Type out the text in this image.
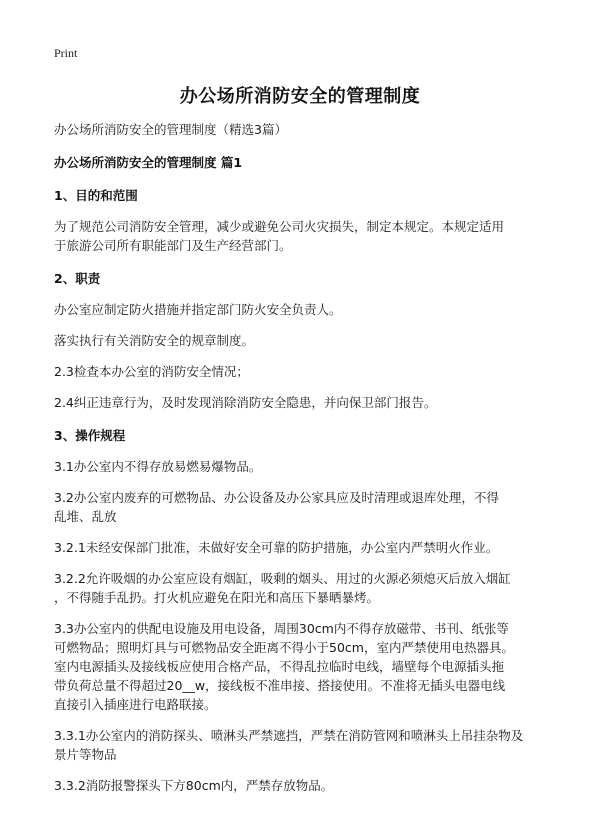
Print
办公场所消防安全的管理制度

办公场所消防安全的管理制度（精选3篇）

办公场所消防安全的管理制度 篇1

1、目的和范围

为了规范公司消防安全管理，减少或避免公司火灾损失，制定本规定。本规定适用

于旅游公司所有职能部门及生产经营部门。

2、职责

办公室应制定防火措施并指定部门防火安全负责人。

落实执行有关消防安全的规章制度。

2.3检查本办公室的消防安全情况；

2.4纠正违章行为，及时发现消除消防安全隐患，并向保卫部门报告。

3、操作规程

3.1办公室内不得存放易燃易爆物品。

3.2办公室内废弃的可燃物品、办公设备及办公家具应及时清理或退库处理，不得

乱堆、乱放

3.2.1未经安保部门批准，未做好安全可靠的防护措施，办公室内严禁明火作业。

3.2.2允许吸烟的办公室应设有烟缸，吸剩的烟头、用过的火源必须熄灭后放入烟缸

，不得随手乱扔。打火机应避免在阳光和高压下暴晒暴烤。

3.3办公室内的供配电设施及用电设备，周围30cm内不得存放磁带、书刊、纸张等

可燃物品；照明灯具与可燃物品安全距离不得小于50cm，室内严禁使用电热器具。

室内电源插头及接线板应使用合格产品，不得乱拉临时电线，墙壁每个电源插头拖

带负荷总量不得超过20__w，接线板不准串接、搭接使用。不准将无插头电器电线

直接引入插座进行电路联接。

3.3.1办公室内的消防探头、喷淋头严禁遮挡，严禁在消防管网和喷淋头上吊挂杂物及

景片等物品

3.3.2消防报警探头下方80cm内，严禁存放物品。
